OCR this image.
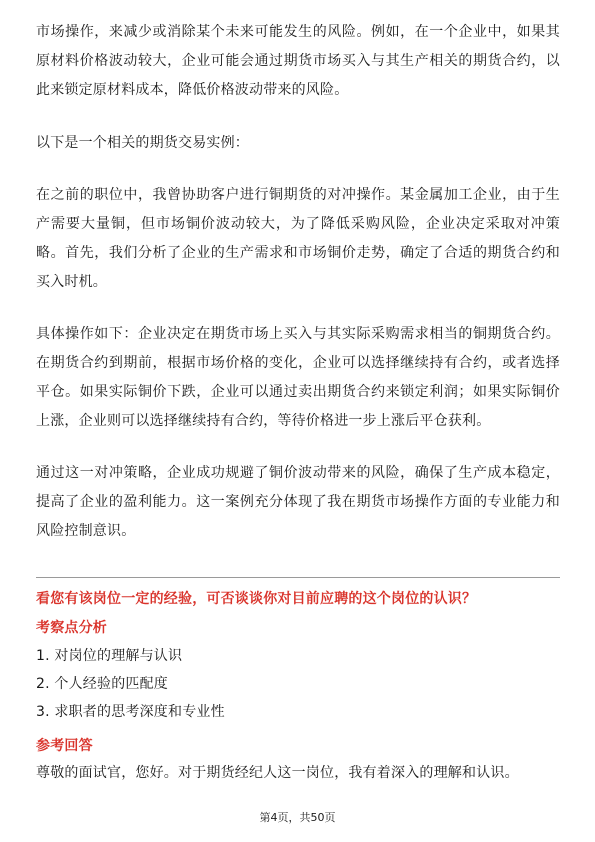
市场操作，来减少或消除某个未来可能发生的风险。例如，在一个企业中，如果其原材料价格波动较大，企业可能会通过期货市场买入与其生产相关的期货合约，以此来锁定原材料成本，降低价格波动带来的风险。

以下是一个相关的期货交易实例：

在之前的职位中，我曾协助客户进行铜期货的对冲操作。某金属加工企业，由于生产需要大量铜，但市场铜价波动较大，为了降低采购风险，企业决定采取对冲策略。首先，我们分析了企业的生产需求和市场铜价走势，确定了合适的期货合约和买入时机。

具体操作如下：企业决定在期货市场上买入与其实际采购需求相当的铜期货合约。在期货合约到期前，根据市场价格的变化，企业可以选择继续持有合约，或者选择平仓。如果实际铜价下跌，企业可以通过卖出期货合约来锁定利润；如果实际铜价上涨，企业则可以选择继续持有合约，等待价格进一步上涨后平仓获利。

通过这一对冲策略，企业成功规避了铜价波动带来的风险，确保了生产成本稳定，提高了企业的盈利能力。这一案例充分体现了我在期货市场操作方面的专业能力和风险控制意识。

看您有该岗位一定的经验，可否谈谈你对目前应聘的这个岗位的认识？
考察点分析
1. 对岗位的理解与认识
2. 个人经验的匹配度
3. 求职者的思考深度和专业性
参考回答
尊敬的面试官，您好。对于期货经纪人这一岗位，我有着深入的理解和认识。
第4页，共50页
